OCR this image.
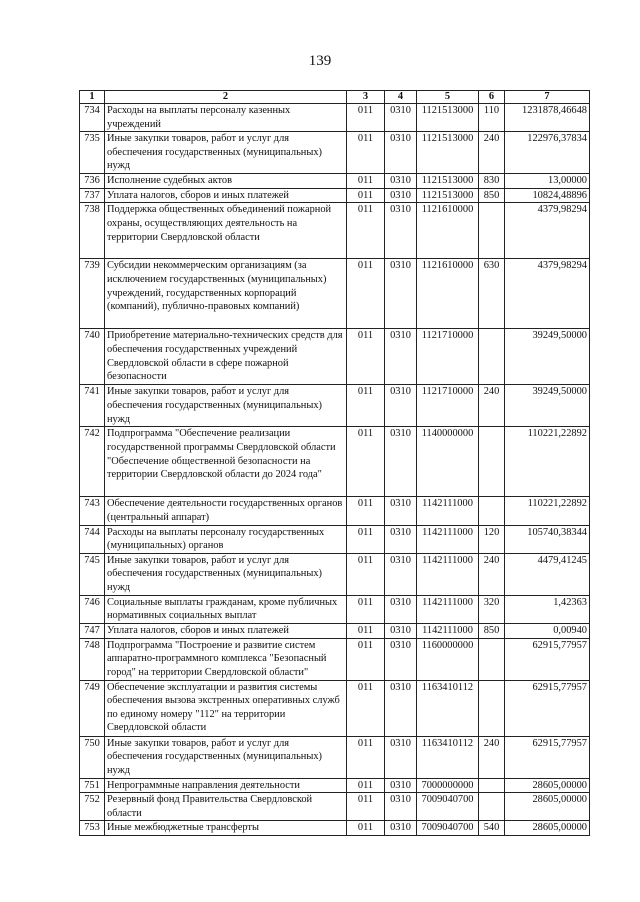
139
1	2	3	4	5	6	7
734	Расходы на выплаты персоналу казенных учреждений	011	0310	1121513000	110	1231878,46648
735	Иные закупки товаров, работ и услуг для обеспечения государственных (муниципальных) нужд	011	0310	1121513000	240	122976,37834
736	Исполнение судебных актов	011	0310	1121513000	830	13,00000
737	Уплата налогов, сборов и иных платежей	011	0310	1121513000	850	10824,48896
738	Поддержка общественных объединений пожарной охраны, осуществляющих деятельность на территории Свердловской области	011	0310	1121610000		4379,98294
739	Субсидии некоммерческим организациям (за исключением государственных (муниципальных) учреждений, государственных корпораций (компаний), публично-правовых компаний)	011	0310	1121610000	630	4379,98294
740	Приобретение материально-технических средств для обеспечения государственных учреждений Свердловской области в сфере пожарной безопасности	011	0310	1121710000		39249,50000
741	Иные закупки товаров, работ и услуг для обеспечения государственных (муниципальных) нужд	011	0310	1121710000	240	39249,50000
742	Подпрограмма "Обеспечение реализации государственной программы Свердловской области "Обеспечение общественной безопасности на территории Свердловской области до 2024 года"	011	0310	1140000000		110221,22892
743	Обеспечение деятельности государственных органов (центральный аппарат)	011	0310	1142111000		110221,22892
744	Расходы на выплаты персоналу государственных (муниципальных) органов	011	0310	1142111000	120	105740,38344
745	Иные закупки товаров, работ и услуг для обеспечения государственных (муниципальных) нужд	011	0310	1142111000	240	4479,41245
746	Социальные выплаты гражданам, кроме публичных нормативных социальных выплат	011	0310	1142111000	320	1,42363
747	Уплата налогов, сборов и иных платежей	011	0310	1142111000	850	0,00940
748	Подпрограмма "Построение и развитие систем аппаратно-программного комплекса "Безопасный город" на территории Свердловской области"	011	0310	1160000000		62915,77957
749	Обеспечение эксплуатации и развития системы обеспечения вызова экстренных оперативных служб по единому номеру "112" на территории Свердловской области	011	0310	1163410112		62915,77957
750	Иные закупки товаров, работ и услуг для обеспечения государственных (муниципальных) нужд	011	0310	1163410112	240	62915,77957
751	Непрограммные направления деятельности	011	0310	7000000000		28605,00000
752	Резервный фонд Правительства Свердловской области	011	0310	7009040700		28605,00000
753	Иные межбюджетные трансферты	011	0310	7009040700	540	28605,00000
